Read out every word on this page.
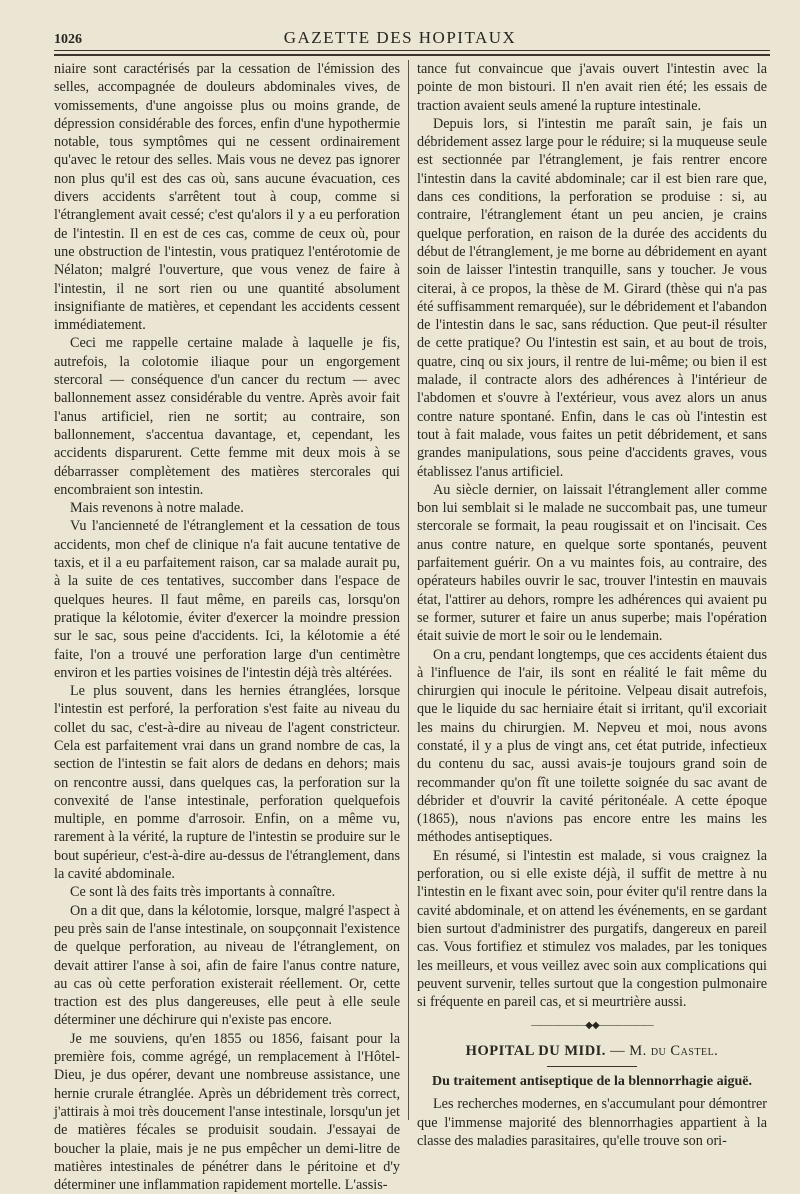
1026	GAZETTE DES HOPITAUX

niaire sont caractérisés par la cessation de l'émission des selles, accompagnée de douleurs abdominales vives, de vomissements, d'une angoisse plus ou moins grande, de dépression considérable des forces, enfin d'une hypothermie notable, tous symptômes qui ne cessent ordinairement qu'avec le retour des selles. Mais vous ne devez pas ignorer non plus qu'il est des cas où, sans aucune évacuation, ces divers accidents s'arrêtent tout à coup, comme si l'étranglement avait cessé; c'est qu'alors il y a eu perforation de l'intestin. Il en est de ces cas, comme de ceux où, pour une obstruction de l'intestin, vous pratiquez l'entérotomie de Nélaton; malgré l'ouverture, que vous venez de faire à l'intestin, il ne sort rien ou une quantité absolument insignifiante de matières, et cependant les accidents cessent immédiatement.

Ceci me rappelle certaine malade à laquelle je fis, autrefois, la colotomie iliaque pour un engorgement stercoral — conséquence d'un cancer du rectum — avec ballonnement assez considérable du ventre. Après avoir fait l'anus artificiel, rien ne sortit; au contraire, son ballonnement, s'accentua davantage, et, cependant, les accidents disparurent. Cette femme mit deux mois à se débarrasser complètement des matières stercorales qui encombraient son intestin.

Mais revenons à notre malade.

Vu l'ancienneté de l'étranglement et la cessation de tous accidents, mon chef de clinique n'a fait aucune tentative de taxis, et il a eu parfaitement raison, car sa malade aurait pu, à la suite de ces tentatives, succomber dans l'espace de quelques heures. Il faut même, en pareils cas, lorsqu'on pratique la kélotomie, éviter d'exercer la moindre pression sur le sac, sous peine d'accidents. Ici, la kélotomie a été faite, l'on a trouvé une perforation large d'un centimètre environ et les parties voisines de l'intestin déjà très altérées.

Le plus souvent, dans les hernies étranglées, lorsque l'intestin est perforé, la perforation s'est faite au niveau du collet du sac, c'est-à-dire au niveau de l'agent constricteur. Cela est parfaitement vrai dans un grand nombre de cas, la section de l'intestin se fait alors de dedans en dehors; mais on rencontre aussi, dans quelques cas, la perforation sur la convexité de l'anse intestinale, perforation quelquefois multiple, en pomme d'arrosoir. Enfin, on a même vu, rarement à la vérité, la rupture de l'intestin se produire sur le bout supérieur, c'est-à-dire au-dessus de l'étranglement, dans la cavité abdominale.

Ce sont là des faits très importants à connaître.

On a dit que, dans la kélotomie, lorsque, malgré l'aspect à peu près sain de l'anse intestinale, on soupçonnait l'existence de quelque perforation, au niveau de l'étranglement, on devait attirer l'anse à soi, afin de faire l'anus contre nature, au cas où cette perforation existerait réellement. Or, cette traction est des plus dangereuses, elle peut à elle seule déterminer une déchirure qui n'existe pas encore.

Je me souviens, qu'en 1855 ou 1856, faisant pour la première fois, comme agrégé, un remplacement à l'Hôtel-Dieu, je dus opérer, devant une nombreuse assistance, une hernie crurale étranglée. Après un débridement très correct, j'attirais à moi très doucement l'anse intestinale, lorsqu'un jet de matières fécales se produisit soudain. J'essayai de boucher la plaie, mais je ne pus empêcher un demi-litre de matières intestinales de pénétrer dans le péritoine et d'y déterminer une inflammation rapidement mortelle. L'assis-

tance fut convaincue que j'avais ouvert l'intestin avec la pointe de mon bistouri. Il n'en avait rien été; les essais de traction avaient seuls amené la rupture intestinale.

Depuis lors, si l'intestin me paraît sain, je fais un débridement assez large pour le réduire; si la muqueuse seule est sectionnée par l'étranglement, je fais rentrer encore l'intestin dans la cavité abdominale; car il est bien rare que, dans ces conditions, la perforation se produise : si, au contraire, l'étranglement étant un peu ancien, je crains quelque perforation, en raison de la durée des accidents du début de l'étranglement, je me borne au débridement en ayant soin de laisser l'intestin tranquille, sans y toucher. Je vous citerai, à ce propos, la thèse de M. Girard (thèse qui n'a pas été suffisamment remarquée), sur le débridement et l'abandon de l'intestin dans le sac, sans réduction. Que peut-il résulter de cette pratique? Ou l'intestin est sain, et au bout de trois, quatre, cinq ou six jours, il rentre de lui-même; ou bien il est malade, il contracte alors des adhérences à l'intérieur de l'abdomen et s'ouvre à l'extérieur, vous avez alors un anus contre nature spontané. Enfin, dans le cas où l'intestin est tout à fait malade, vous faites un petit débridement, et sans grandes manipulations, sous peine d'accidents graves, vous établissez l'anus artificiel.

Au siècle dernier, on laissait l'étranglement aller comme bon lui semblait si le malade ne succombait pas, une tumeur stercorale se formait, la peau rougissait et on l'incisait. Ces anus contre nature, en quelque sorte spontanés, peuvent parfaitement guérir. On a vu maintes fois, au contraire, des opérateurs habiles ouvrir le sac, trouver l'intestin en mauvais état, l'attirer au dehors, rompre les adhérences qui avaient pu se former, suturer et faire un anus superbe; mais l'opération était suivie de mort le soir ou le lendemain.

On a cru, pendant longtemps, que ces accidents étaient dus à l'influence de l'air, ils sont en réalité le fait même du chirurgien qui inocule le péritoine. Velpeau disait autrefois, que le liquide du sac herniaire était si irritant, qu'il excoriait les mains du chirurgien. M. Nepveu et moi, nous avons constaté, il y a plus de vingt ans, cet état putride, infectieux du contenu du sac, aussi avais-je toujours grand soin de recommander qu'on fît une toilette soignée du sac avant de débrider et d'ouvrir la cavité péritonéale. A cette époque (1865), nous n'avions pas encore entre les mains les méthodes antiseptiques.

En résumé, si l'intestin est malade, si vous craignez la perforation, ou si elle existe déjà, il suffit de mettre à nu l'intestin en le fixant avec soin, pour éviter qu'il rentre dans la cavité abdominale, et on attend les événements, en se gardant bien surtout d'administrer des purgatifs, dangereux en pareil cas. Vous fortifiez et stimulez vos malades, par les toniques les meilleurs, et vous veillez avec soin aux complications qui peuvent survenir, telles surtout que la congestion pulmonaire si fréquente en pareil cas, et si meurtrière aussi.

——————◆◆——————
HOPITAL DU MIDI. — M. du Castel.
Du traitement antiseptique de la blennorrhagie aiguë.

Les recherches modernes, en s'accumulant pour démontrer que l'immense majorité des blennorrhagies appartient à la classe des maladies parasitaires, qu'elle trouve son ori-
